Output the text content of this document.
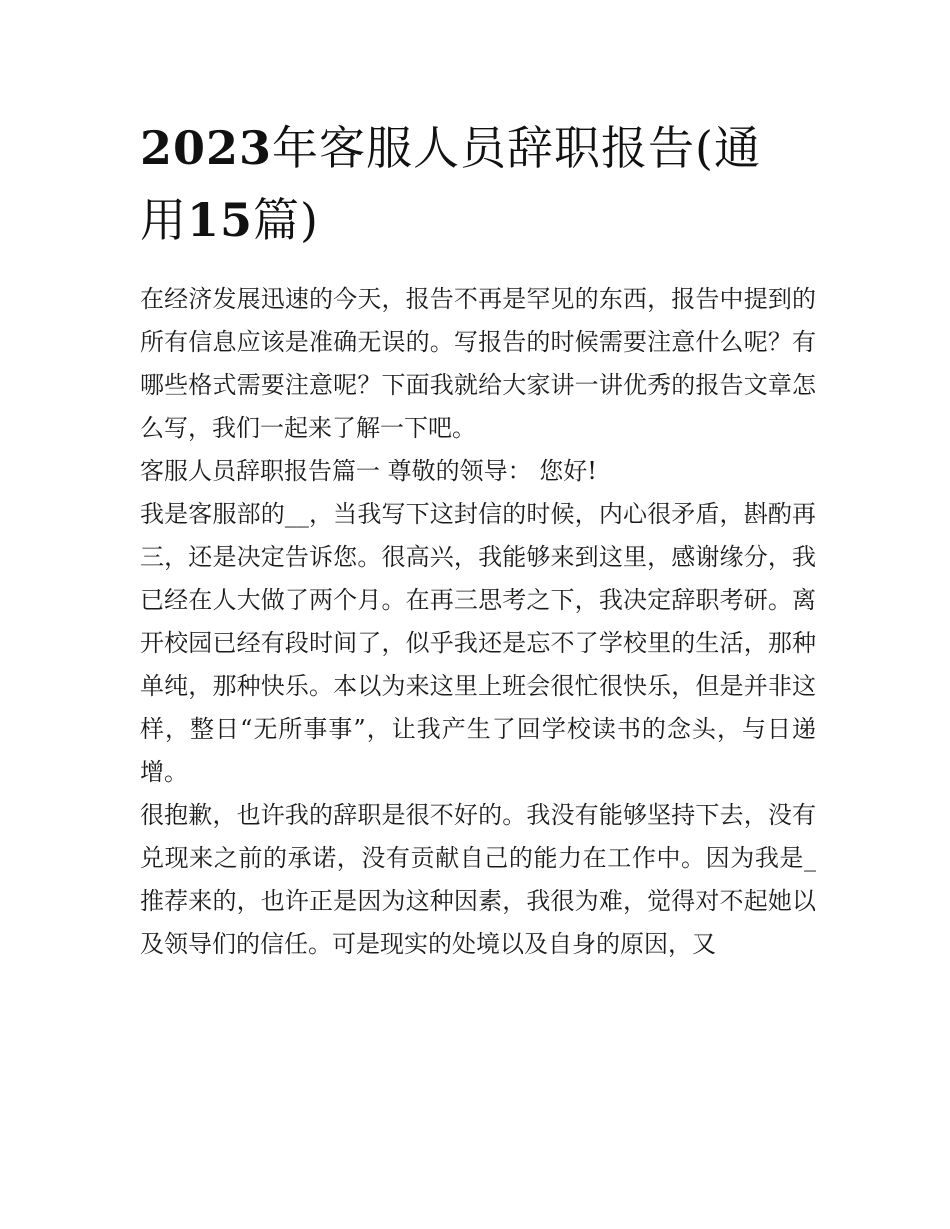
2023年客服人员辞职报告(通
用15篇)

在经济发展迅速的今天，报告不再是罕见的东西，报告中提到的所有信息应该是准确无误的。写报告的时候需要注意什么呢？有哪些格式需要注意呢？下面我就给大家讲一讲优秀的报告文章怎么写，我们一起来了解一下吧。

客服人员辞职报告篇一 尊敬的领导： 您好!

我是客服部的__，当我写下这封信的时候，内心很矛盾，斟酌再三，还是决定告诉您。很高兴，我能够来到这里，感谢缘分，我已经在人大做了两个月。在再三思考之下，我决定辞职考研。离开校园已经有段时间了，似乎我还是忘不了学校里的生活，那种单纯，那种快乐。本以为来这里上班会很忙很快乐，但是并非这样，整日“无所事事”，让我产生了回学校读书的念头，与日递增。

很抱歉，也许我的辞职是很不好的。我没有能够坚持下去，没有兑现来之前的承诺，没有贡献自己的能力在工作中。因为我是_推荐来的，也许正是因为这种因素，我很为难，觉得对不起她以及领导们的信任。可是现实的处境以及自身的原因，又
